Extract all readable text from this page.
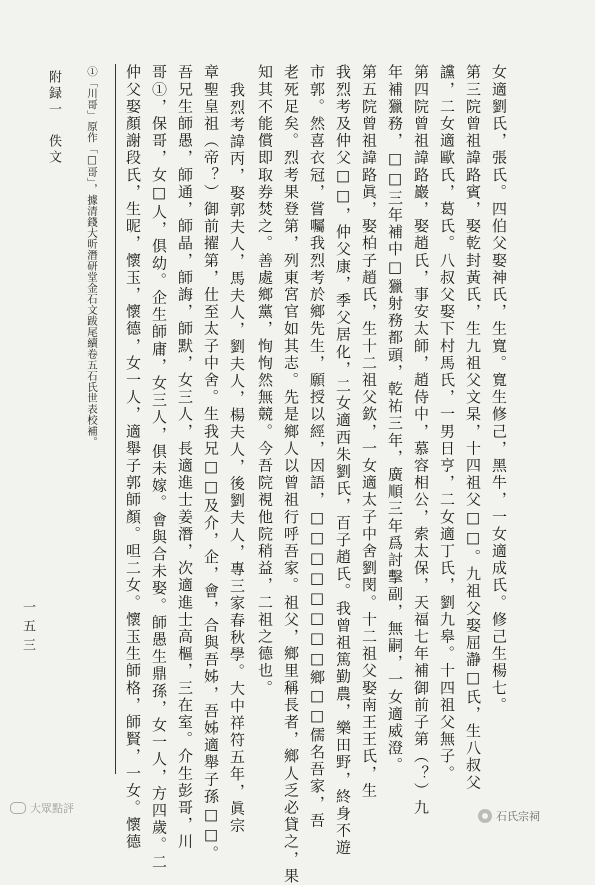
一五三
附録一　佚文 ①「川哥」原作「□哥」，據清錢大昕潛研堂金石文跋尾續卷五石氏世表校補。 仲父娶顏謝段氏，生昵，懷玉，懷德，女一人，適舉子郭師顏。呾二女。懷玉生師格，師賢，一女。懷德 哥①，保哥，女□人，俱幼。企生師庸，女三人，俱未嫁。會與合未娶。師愚生鼎孫，女一人，方四歲。二 吾兄生師愚，師通，師晶，師誨，師默，女三人，長適進士姜潛，次適進士高樞，三在室。介生彭哥，川 章聖皇祖（帝？）御前擢第，仕至太子中舍。生我兄□□及介，企，會，合與吾姊，吾姊適舉子孫□□。 我烈考諱丙，娶郭夫人，馬夫人，劉夫人，楊夫人，後劉夫人，專三家春秋學。大中祥符五年，眞宗 知其不能償即取券焚之。善處鄉黨，恂恂然無競。今吾院視他院稍益，二祖之德也。 老死足矣。烈考果登第，列東宮官如其志。先是鄉人以曾祖行呼吾家。祖父，鄉里稱長者，鄉人乏必貸之，果 市郭。然喜衣冠，嘗囑我烈考於鄉先生，願授以經，因語，□□□□□□□□鄉□□儒名吾家，吾 我烈考及仲父□□，仲父康，季父居化，二女適西朱劉氏，百子趙氏。我曾祖篤勤農，樂田野，終身不遊 第五院曾祖諱路眞，娶柏子趙氏，生十二祖父欽，一女適太子中舍劉閔。十二祖父娶南王王氏，生 年補獵務，□□三年補中□獵射務都頭，乾祐三年，廣順三年爲討擊副，無嗣，一女適威澄。 第四院曾祖諱路巖，娶趙氏，事安太師，趙侍中，慕容相公，索太保，天福七年補御前子第（？）九 讜，二女適歐氏，葛氏。八叔父娶下村馬氏，一男日亨，二女適丁氏，劉九皋。十四祖父無子。 第三院曾祖諱路賓，娶乾封黃氏，生九祖父文杲，十四祖父□□。九祖父娶屈瀞□氏，生八叔父 女適劉氏，張氏。四伯父娶神氏，生寬。寬生修己，黑牛，一女適成氏。修己生楊七。
大眾點評
石氏宗祠
